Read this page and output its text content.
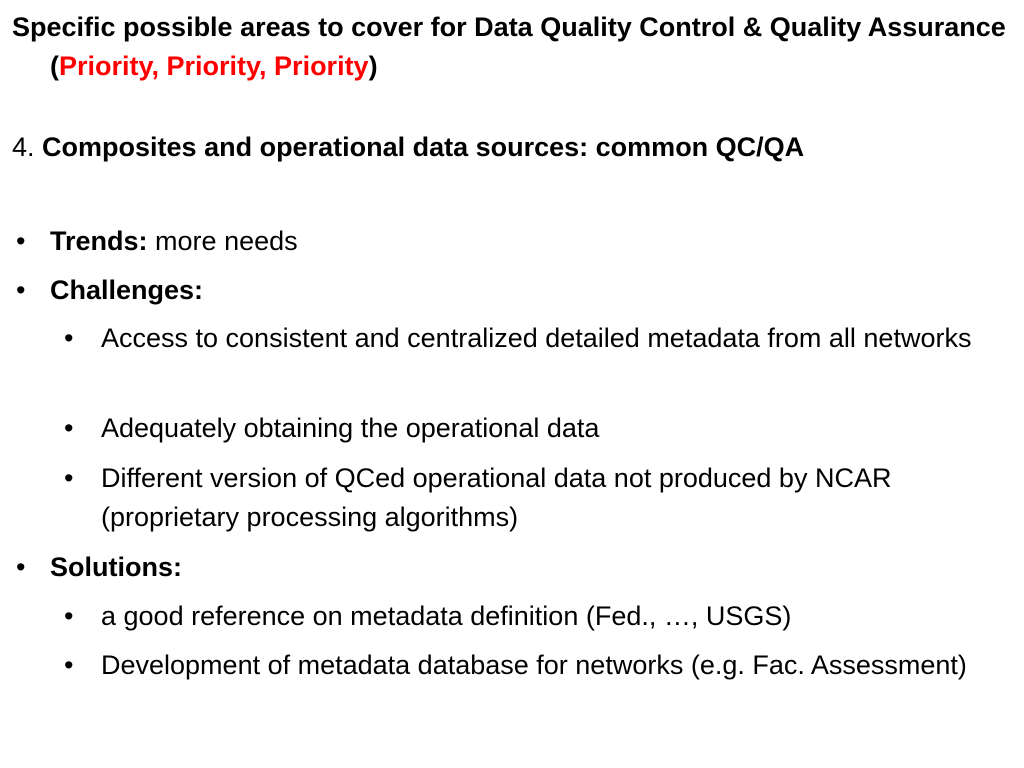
Specific possible areas to cover for Data Quality Control & Quality Assurance (Priority, Priority, Priority)
4. Composites and operational data sources: common QC/QA
• Trends: more needs
• Challenges:
•	Access to consistent and centralized detailed metadata from all networks
•	Adequately obtaining the operational data
•	Different version of QCed operational data not produced by NCAR (proprietary processing algorithms)
• Solutions:
•	a good reference on metadata definition (Fed., …, USGS)
•	Development of metadata database for networks (e.g. Fac. Assessment)
